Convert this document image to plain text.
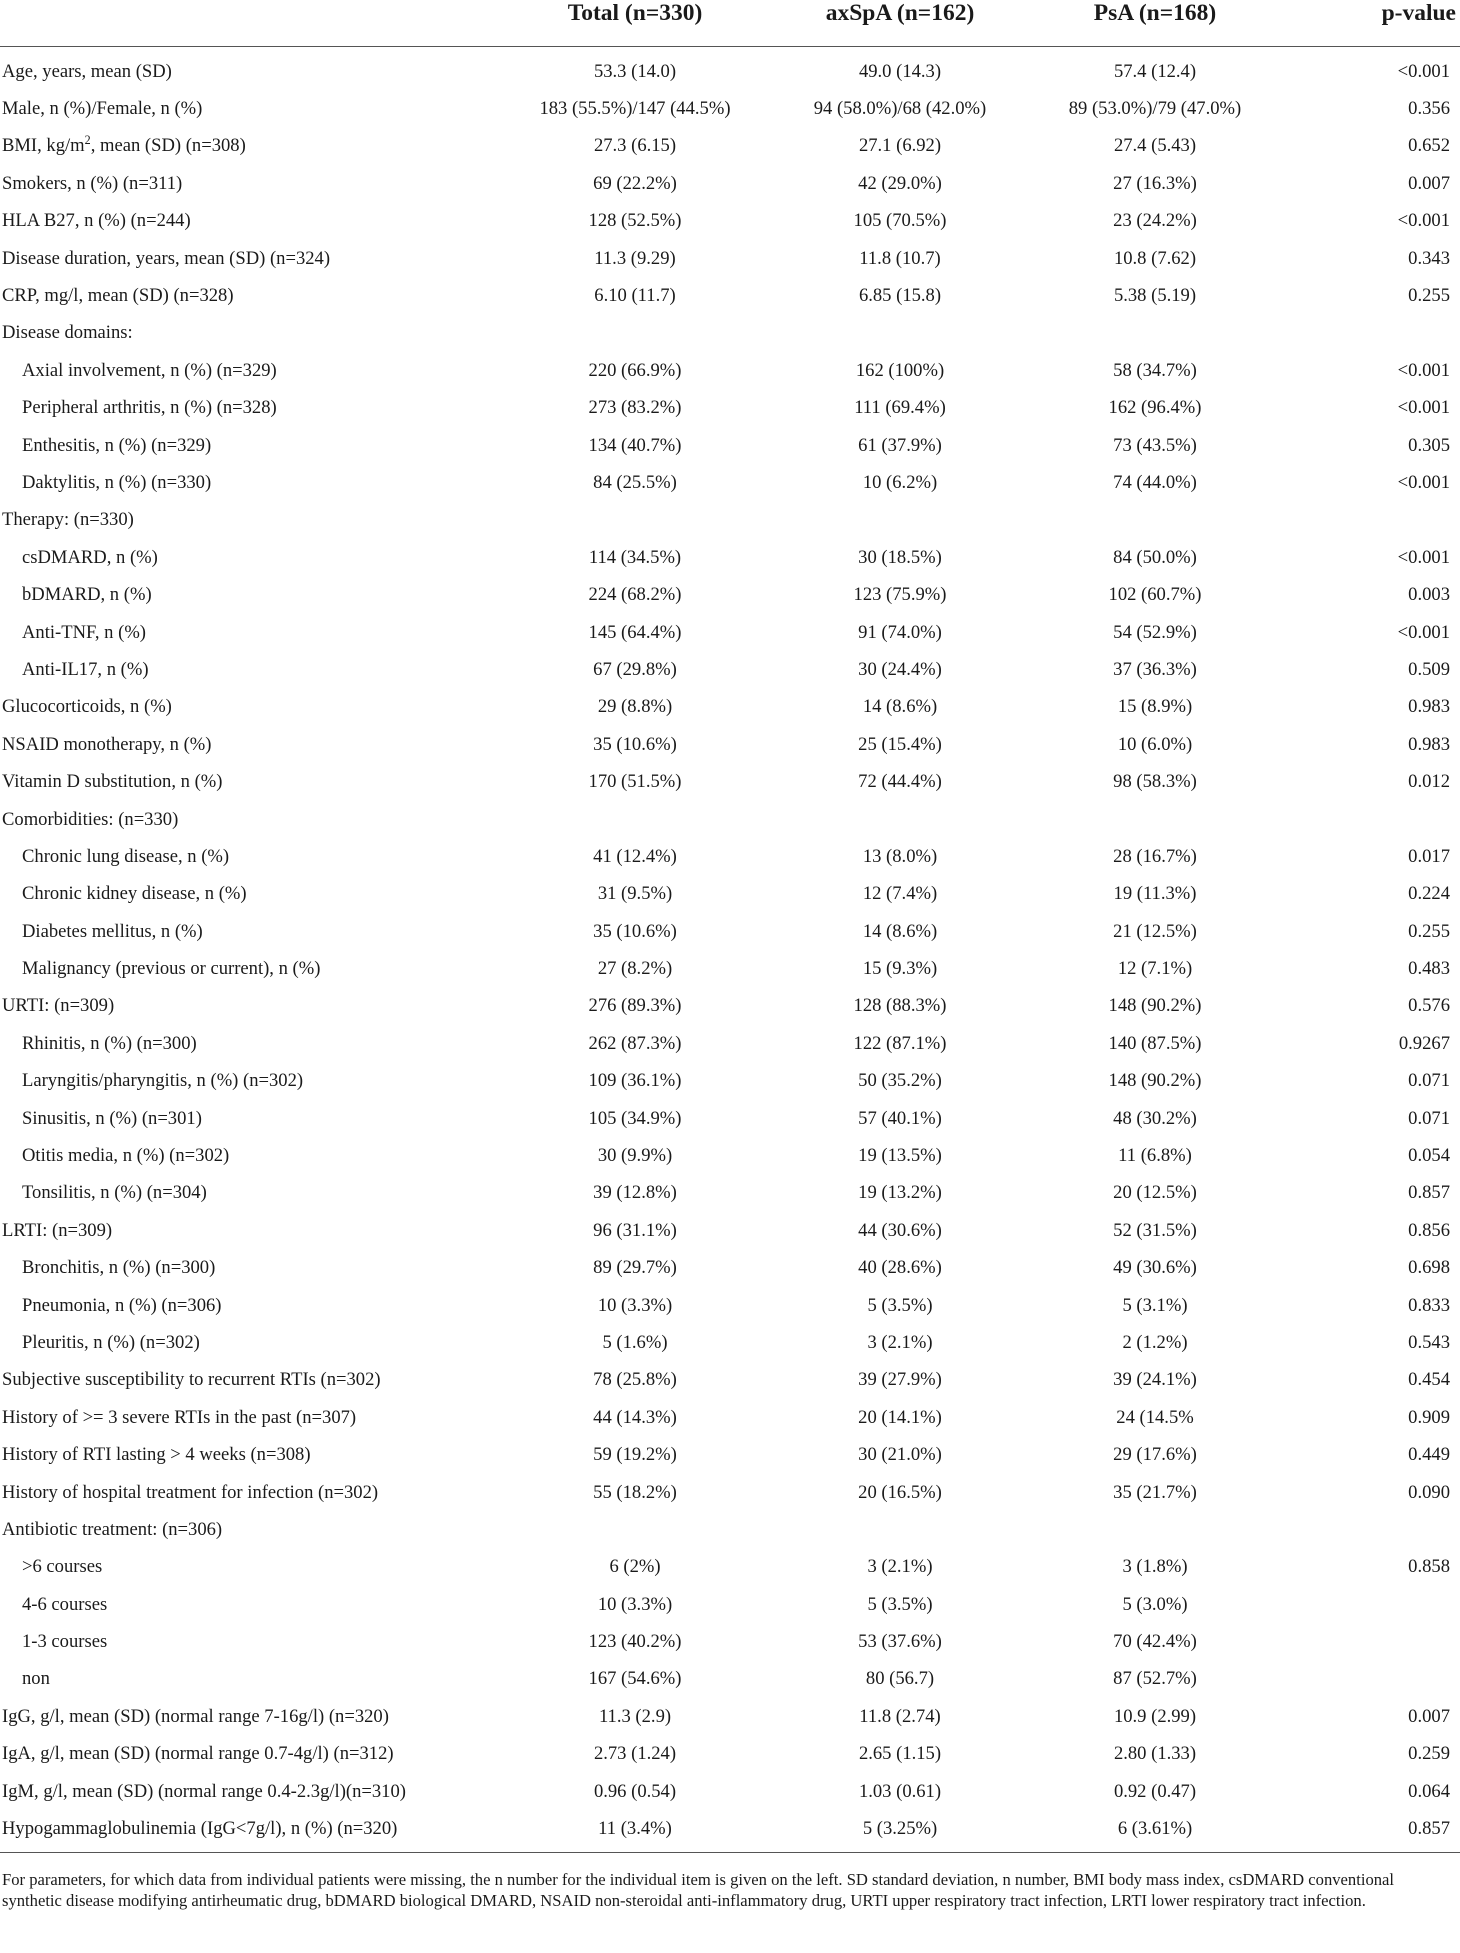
	Total (n=330)	axSpA (n=162)	PsA (n=168)	p-value
Age, years, mean (SD)	53.3 (14.0)	49.0 (14.3)	57.4 (12.4)	<0.001
Male, n (%)/Female, n (%)	183 (55.5%)/147 (44.5%)	94 (58.0%)/68 (42.0%)	89 (53.0%)/79 (47.0%)	0.356
BMI, $kg/m^2$, mean (SD) (n=308)	27.3 (6.15)	27.1 (6.92)	27.4 (5.43)	0.652
Smokers, n (%) (n=311)	69 (22.2%)	42 (29.0%)	27 (16.3%)	0.007
HLA B27, n (%) (n=244)	128 (52.5%)	105 (70.5%)	23 (24.2%)	<0.001
Disease duration, years, mean (SD) (n=324)	11.3 (9.29)	11.8 (10.7)	10.8 (7.62)	0.343
CRP, mg/l, mean (SD) (n=328)	6.10 (11.7)	6.85 (15.8)	5.38 (5.19)	0.255
Disease domains:				
Axial involvement, n (%) (n=329)	220 (66.9%)	162 (100%)	58 (34.7%)	<0.001
Peripheral arthritis, n (%) (n=328)	273 (83.2%)	111 (69.4%)	162 (96.4%)	<0.001
Enthesitis, n (%) (n=329)	134 (40.7%)	61 (37.9%)	73 (43.5%)	0.305
Daktylitis, n (%) (n=330)	84 (25.5%)	10 (6.2%)	74 (44.0%)	<0.001
Therapy: (n=330)				
csDMARD, n (%)	114 (34.5%)	30 (18.5%)	84 (50.0%)	<0.001
bDMARD, n (%)	224 (68.2%)	123 (75.9%)	102 (60.7%)	0.003
Anti-TNF, n (%)	145 (64.4%)	91 (74.0%)	54 (52.9%)	<0.001
Anti-IL17, n (%)	67 (29.8%)	30 (24.4%)	37 (36.3%)	0.509
Glucocorticoids, n (%)	29 (8.8%)	14 (8.6%)	15 (8.9%)	0.983
NSAID monotherapy, n (%)	35 (10.6%)	25 (15.4%)	10 (6.0%)	0.983
Vitamin D substitution, n (%)	170 (51.5%)	72 (44.4%)	98 (58.3%)	0.012
Comorbidities: (n=330)				
Chronic lung disease, n (%)	41 (12.4%)	13 (8.0%)	28 (16.7%)	0.017
Chronic kidney disease, n (%)	31 (9.5%)	12 (7.4%)	19 (11.3%)	0.224
Diabetes mellitus, n (%)	35 (10.6%)	14 (8.6%)	21 (12.5%)	0.255
Malignancy (previous or current), n (%)	27 (8.2%)	15 (9.3%)	12 (7.1%)	0.483
URTI: (n=309)	276 (89.3%)	128 (88.3%)	148 (90.2%)	0.576
Rhinitis, n (%) (n=300)	262 (87.3%)	122 (87.1%)	140 (87.5%)	0.9267
Laryngitis/pharyngitis, n (%) (n=302)	109 (36.1%)	50 (35.2%)	148 (90.2%)	0.071
Sinusitis, n (%) (n=301)	105 (34.9%)	57 (40.1%)	48 (30.2%)	0.071
Otitis media, n (%) (n=302)	30 (9.9%)	19 (13.5%)	11 (6.8%)	0.054
Tonsilitis, n (%) (n=304)	39 (12.8%)	19 (13.2%)	20 (12.5%)	0.857
LRTI: (n=309)	96 (31.1%)	44 (30.6%)	52 (31.5%)	0.856
Bronchitis, n (%) (n=300)	89 (29.7%)	40 (28.6%)	49 (30.6%)	0.698
Pneumonia, n (%) (n=306)	10 (3.3%)	5 (3.5%)	5 (3.1%)	0.833
Pleuritis, n (%) (n=302)	5 (1.6%)	3 (2.1%)	2 (1.2%)	0.543
Subjective susceptibility to recurrent RTIs (n=302)	78 (25.8%)	39 (27.9%)	39 (24.1%)	0.454
History of >= 3 severe RTIs in the past (n=307)	44 (14.3%)	20 (14.1%)	24 (14.5%	0.909
History of RTI lasting > 4 weeks (n=308)	59 (19.2%)	30 (21.0%)	29 (17.6%)	0.449
History of hospital treatment for infection (n=302)	55 (18.2%)	20 (16.5%)	35 (21.7%)	0.090
Antibiotic treatment: (n=306)				
>6 courses	6 (2%)	3 (2.1%)	3 (1.8%)	0.858
4-6 courses	10 (3.3%)	5 (3.5%)	5 (3.0%)	
1-3 courses	123 (40.2%)	53 (37.6%)	70 (42.4%)	
non	167 (54.6%)	80 (56.7)	87 (52.7%)	
IgG, g/l, mean (SD) (normal range 7-16g/l) (n=320)	11.3 (2.9)	11.8 (2.74)	10.9 (2.99)	0.007
IgA, g/l, mean (SD) (normal range 0.7-4g/l) (n=312)	2.73 (1.24)	2.65 (1.15)	2.80 (1.33)	0.259
IgM, g/l, mean (SD) (normal range 0.4-2.3g/l)(n=310)	0.96 (0.54)	1.03 (0.61)	0.92 (0.47)	0.064
Hypogammaglobulinemia (IgG<7g/l), n (%) (n=320)	11 (3.4%)	5 (3.25%)	6 (3.61%)	0.857
For parameters, for which data from individual patients were missing, the n number for the individual item is given on the left. SD standard deviation, n number, BMI body mass index, csDMARD conventional synthetic disease modifying antirheumatic drug, bDMARD biological DMARD, NSAID non-steroidal anti-inflammatory drug, URTI upper respiratory tract infection, LRTI lower respiratory tract infection.
